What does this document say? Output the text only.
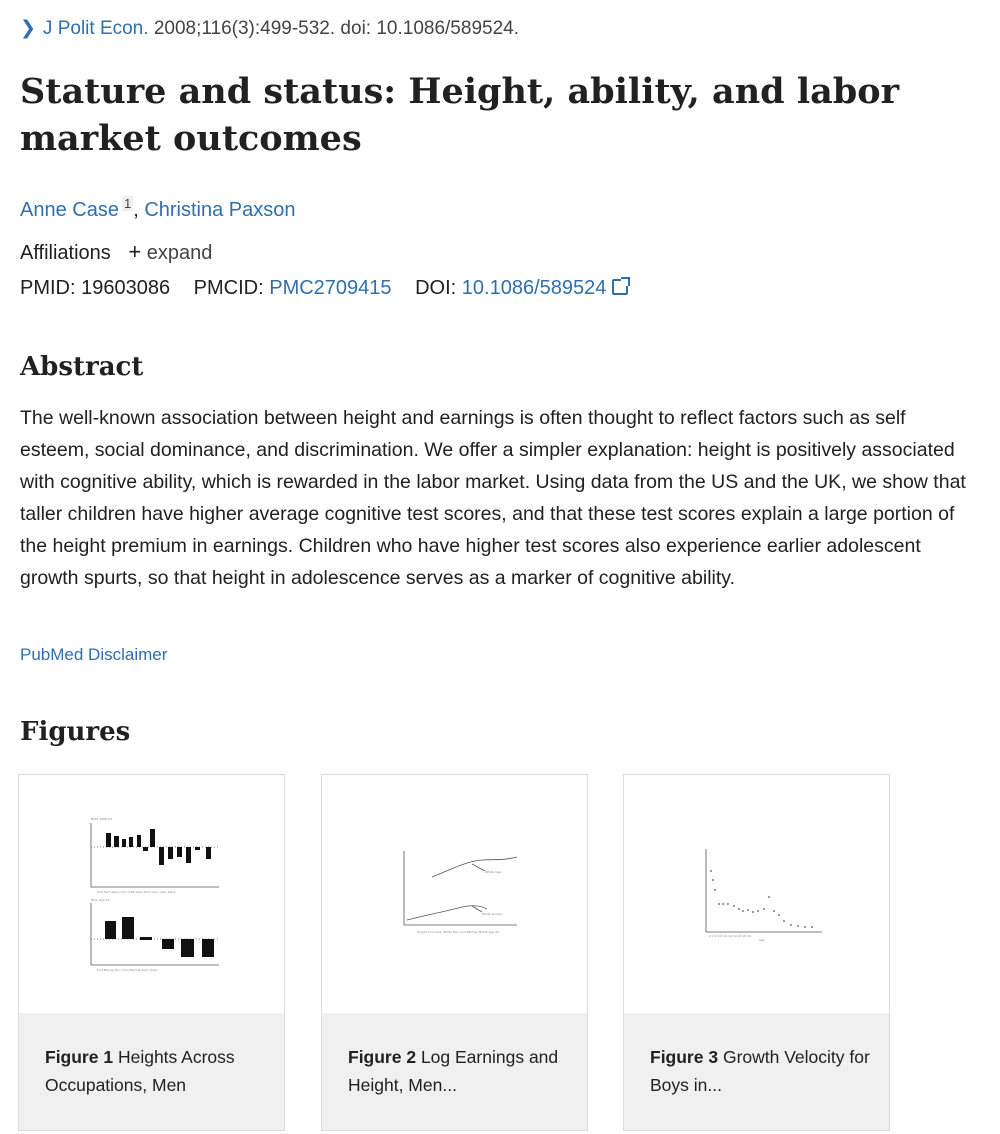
❯ J Polit Econ. 2008;116(3):499-532. doi: 10.1086/589524.
Stature and status: Height, ability, and labor market outcomes
Anne Case $^1$ , Christina Paxson
Affiliations + expand
PMID: 19603086 PMCID: PMC2709415 DOI: 10.1086/589524
Abstract

The well-known association between height and earnings is often thought to reflect factors such as self esteem, social dominance, and discrimination. We offer a simpler explanation: height is positively associated with cognitive ability, which is rewarded in the labor market. Using data from the US and the UK, we show that taller children have higher average cognitive test scores, and that these test scores explain a large portion of the height premium in earnings. Children who have higher test scores also experience earlier adolescent growth spurts, so that height in adolescence serves as a marker of cognitive ability.

PubMed Disclaimer
Figures
NHIS 1986-94
BCS, Age 30
Prof Tech Sales Cler Craft Oper Farm Serv Labr Trans
Prof Manag Non-man Manual Semi Unsk

Figure 1 Heights Across Occupations, Men

White men
White women
Height in inches, White Men and Women NCDS Age 33

Figure 2 Log Earnings and Height, Men...

0 2 4 6 8 10 12 14 16 18 20
age

Figure 3 Growth Velocity for Boys in...
